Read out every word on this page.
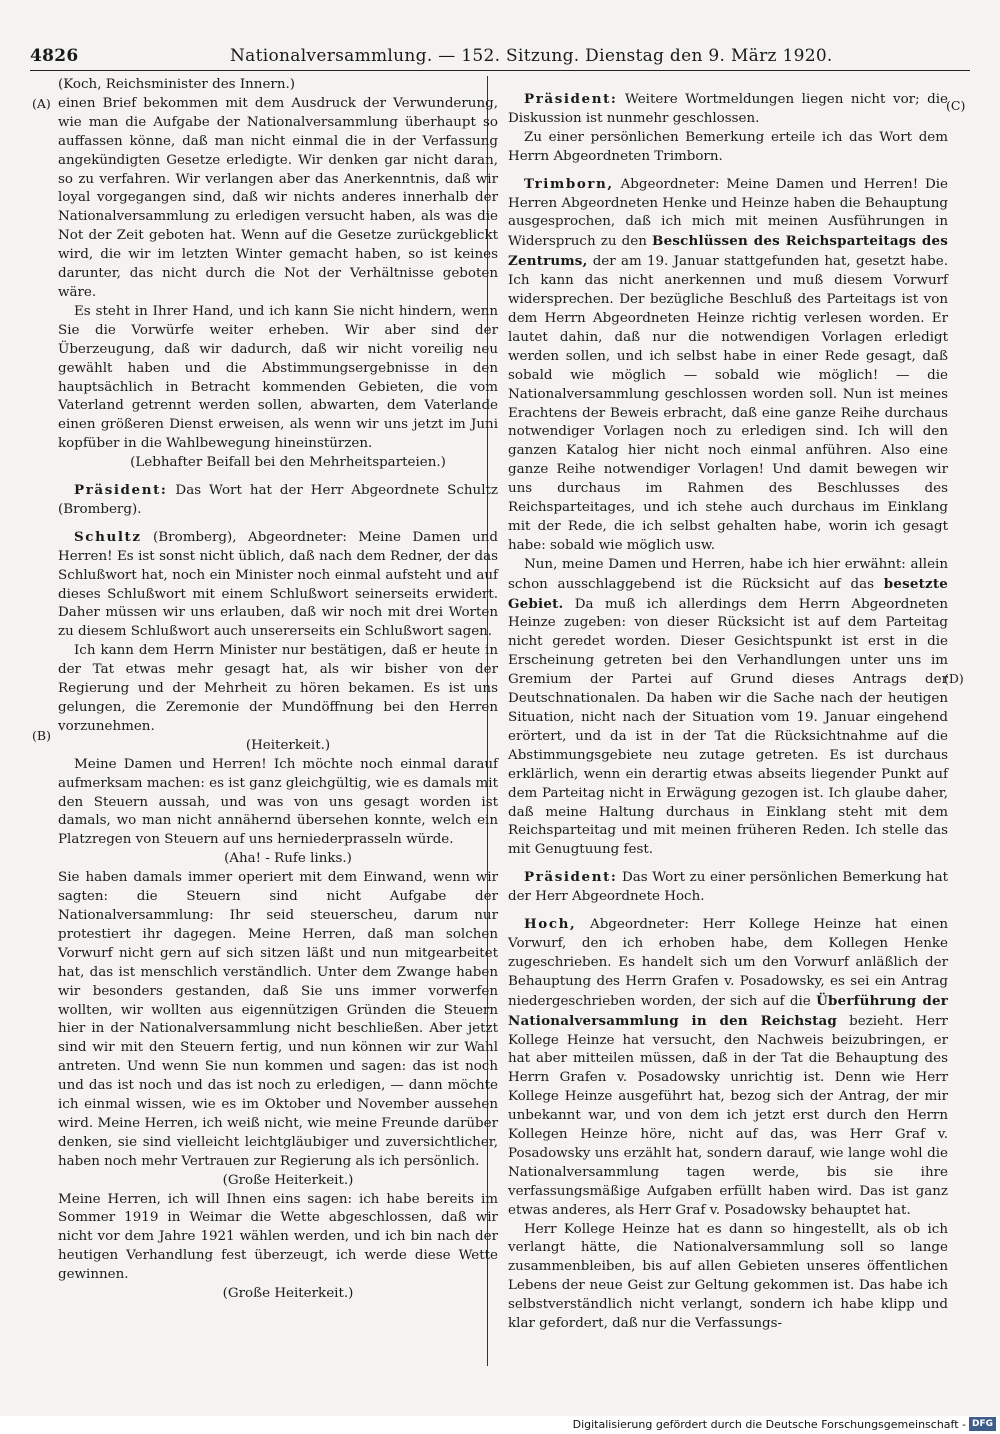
4826	Nationalversammlung. — 152. Sitzung. Dienstag den 9. März 1920.
(A)
(B)
(C)
(D)

(Koch, Reichsminister des Innern.)

einen Brief bekommen mit dem Ausdruck der Verwunderung, wie man die Aufgabe der Nationalversammlung überhaupt so auffassen könne, daß man nicht einmal die in der Verfassung angekündigten Gesetze erledigte. Wir denken gar nicht daran, so zu verfahren. Wir verlangen aber das Anerkenntnis, daß wir loyal vorgegangen sind, daß wir nichts anderes innerhalb der Nationalversammlung zu erledigen versucht haben, als was die Not der Zeit geboten hat. Wenn auf die Gesetze zurückgeblickt wird, die wir im letzten Winter gemacht haben, so ist keines darunter, das nicht durch die Not der Verhältnisse geboten wäre.

Es steht in Ihrer Hand, und ich kann Sie nicht hindern, wenn Sie die Vorwürfe weiter erheben. Wir aber sind der Überzeugung, daß wir dadurch, daß wir nicht voreilig neu gewählt haben und die Abstimmungsergebnisse in den hauptsächlich in Betracht kommenden Gebieten, die vom Vaterland getrennt werden sollen, abwarten, dem Vaterlande einen größeren Dienst erweisen, als wenn wir uns jetzt im Juni kopfüber in die Wahlbewegung hineinstürzen.

(Lebhafter Beifall bei den Mehrheitsparteien.)

Präsident: Das Wort hat der Herr Abgeordnete Schultz (Bromberg).

Schultz (Bromberg), Abgeordneter: Meine Damen und Herren! Es ist sonst nicht üblich, daß nach dem Redner, der das Schlußwort hat, noch ein Minister noch einmal aufsteht und auf dieses Schlußwort mit einem Schlußwort seinerseits erwidert. Daher müssen wir uns erlauben, daß wir noch mit drei Worten zu diesem Schlußwort auch unsererseits ein Schlußwort sagen.

Ich kann dem Herrn Minister nur bestätigen, daß er heute in der Tat etwas mehr gesagt hat, als wir bisher von der Regierung und der Mehrheit zu hören bekamen. Es ist uns gelungen, die Zeremonie der Mundöffnung bei den Herren vorzunehmen.

(Heiterkeit.)

Meine Damen und Herren! Ich möchte noch einmal darauf aufmerksam machen: es ist ganz gleichgültig, wie es damals mit den Steuern aussah, und was von uns gesagt worden ist damals, wo man nicht annähernd übersehen konnte, welch ein Platzregen von Steuern auf uns herniederprasseln würde.

(Aha! - Rufe links.)

Sie haben damals immer operiert mit dem Einwand, wenn wir sagten: die Steuern sind nicht Aufgabe der Nationalversammlung: Ihr seid steuerscheu, darum nur protestiert ihr dagegen. Meine Herren, daß man solchen Vorwurf nicht gern auf sich sitzen läßt und nun mitgearbeitet hat, das ist menschlich verständlich. Unter dem Zwange haben wir besonders gestanden, daß Sie uns immer vorwerfen wollten, wir wollten aus eigennützigen Gründen die Steuern hier in der Nationalversammlung nicht beschließen. Aber jetzt sind wir mit den Steuern fertig, und nun können wir zur Wahl antreten. Und wenn Sie nun kommen und sagen: das ist noch und das ist noch und das ist noch zu erledigen, — dann möchte ich einmal wissen, wie es im Oktober und November aussehen wird. Meine Herren, ich weiß nicht, wie meine Freunde darüber denken, sie sind vielleicht leichtgläubiger und zuversichtlicher, haben noch mehr Vertrauen zur Regierung als ich persönlich.

(Große Heiterkeit.)

Meine Herren, ich will Ihnen eins sagen: ich habe bereits im Sommer 1919 in Weimar die Wette abgeschlossen, daß wir nicht vor dem Jahre 1921 wählen werden, und ich bin nach der heutigen Verhandlung fest überzeugt, ich werde diese Wette gewinnen.

(Große Heiterkeit.)

Präsident: Weitere Wortmeldungen liegen nicht vor; die Diskussion ist nunmehr geschlossen.

Zu einer persönlichen Bemerkung erteile ich das Wort dem Herrn Abgeordneten Trimborn.

Trimborn, Abgeordneter: Meine Damen und Herren! Die Herren Abgeordneten Henke und Heinze haben die Behauptung ausgesprochen, daß ich mich mit meinen Ausführungen in Widerspruch zu den Beschlüssen des Reichsparteitags des Zentrums, der am 19. Januar stattgefunden hat, gesetzt habe. Ich kann das nicht anerkennen und muß diesem Vorwurf widersprechen. Der bezügliche Beschluß des Parteitags ist von dem Herrn Abgeordneten Heinze richtig verlesen worden. Er lautet dahin, daß nur die notwendigen Vorlagen erledigt werden sollen, und ich selbst habe in einer Rede gesagt, daß sobald wie möglich — sobald wie möglich! — die Nationalversammlung geschlossen worden soll. Nun ist meines Erachtens der Beweis erbracht, daß eine ganze Reihe durchaus notwendiger Vorlagen noch zu erledigen sind. Ich will den ganzen Katalog hier nicht noch einmal anführen. Also eine ganze Reihe notwendiger Vorlagen! Und damit bewegen wir uns durchaus im Rahmen des Beschlusses des Reichsparteitages, und ich stehe auch durchaus im Einklang mit der Rede, die ich selbst gehalten habe, worin ich gesagt habe: sobald wie möglich usw.

Nun, meine Damen und Herren, habe ich hier erwähnt: allein schon ausschlaggebend ist die Rücksicht auf das besetzte Gebiet. Da muß ich allerdings dem Herrn Abgeordneten Heinze zugeben: von dieser Rücksicht ist auf dem Parteitag nicht geredet worden. Dieser Gesichtspunkt ist erst in die Erscheinung getreten bei den Verhandlungen unter uns im Gremium der Partei auf Grund dieses Antrags der Deutschnationalen. Da haben wir die Sache nach der heutigen Situation, nicht nach der Situation vom 19. Januar eingehend erörtert, und da ist in der Tat die Rücksichtnahme auf die Abstimmungsgebiete neu zutage getreten. Es ist durchaus erklärlich, wenn ein derartig etwas abseits liegender Punkt auf dem Parteitag nicht in Erwägung gezogen ist. Ich glaube daher, daß meine Haltung durchaus in Einklang steht mit dem Reichsparteitag und mit meinen früheren Reden. Ich stelle das mit Genugtuung fest.

Präsident: Das Wort zu einer persönlichen Bemerkung hat der Herr Abgeordnete Hoch.

Hoch, Abgeordneter: Herr Kollege Heinze hat einen Vorwurf, den ich erhoben habe, dem Kollegen Henke zugeschrieben. Es handelt sich um den Vorwurf anläßlich der Behauptung des Herrn Grafen v. Posadowsky, es sei ein Antrag niedergeschrieben worden, der sich auf die Überführung der Nationalversammlung in den Reichstag bezieht. Herr Kollege Heinze hat versucht, den Nachweis beizubringen, er hat aber mitteilen müssen, daß in der Tat die Behauptung des Herrn Grafen v. Posadowsky unrichtig ist. Denn wie Herr Kollege Heinze ausgeführt hat, bezog sich der Antrag, der mir unbekannt war, und von dem ich jetzt erst durch den Herrn Kollegen Heinze höre, nicht auf das, was Herr Graf v. Posadowsky uns erzählt hat, sondern darauf, wie lange wohl die Nationalversammlung tagen werde, bis sie ihre verfassungsmäßige Aufgaben erfüllt haben wird. Das ist ganz etwas anderes, als Herr Graf v. Posadowsky behauptet hat.

Herr Kollege Heinze hat es dann so hingestellt, als ob ich verlangt hätte, die Nationalversammlung soll so lange zusammenbleiben, bis auf allen Gebieten unseres öffentlichen Lebens der neue Geist zur Geltung gekommen ist. Das habe ich selbstverständlich nicht verlangt, sondern ich habe klipp und klar gefordert, daß nur die Verfassungs-

Digitalisierung gefördert durch die Deutsche Forschungsgemeinschaft - DFG
